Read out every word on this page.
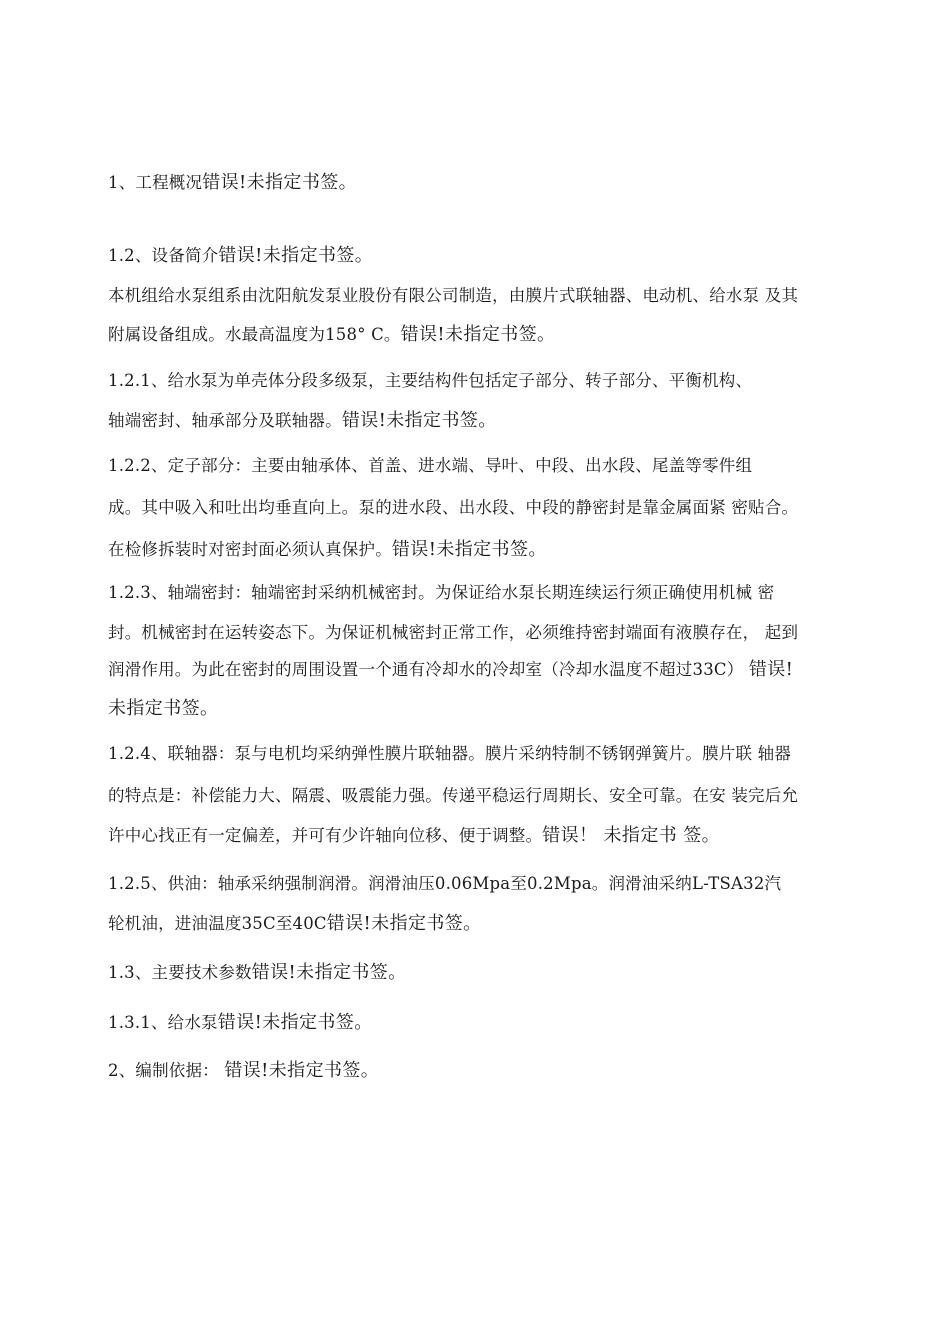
1、工程概况错误!未指定书签。
1.2、设备简介错误!未指定书签。
本机组给水泵组系由沈阳航发泵业股份有限公司制造，由膜片式联轴器、电动机、给水泵 及其
附属设备组成。水最高温度为158° C。错误!未指定书签。
1.2.1、给水泵为单壳体分段多级泵，主要结构件包括定子部分、转子部分、平衡机构、
轴端密封、轴承部分及联轴器。错误!未指定书签。
1.2.2、定子部分：主要由轴承体、首盖、进水端、导叶、中段、出水段、尾盖等零件组
成。其中吸入和吐出均垂直向上。泵的进水段、出水段、中段的静密封是靠金属面紧 密贴合。
在检修拆装时对密封面必须认真保护。错误!未指定书签。
1.2.3、轴端密封：轴端密封采纳机械密封。为保证给水泵长期连续运行须正确使用机械 密
封。机械密封在运转姿态下。为保证机械密封正常工作，必须维持密封端面有液膜存在， 起到
润滑作用。为此在密封的周围设置一个通有冷却水的冷却室（冷却水温度不超过33C） 错误!
未指定书签。
1.2.4、联轴器：泵与电机均采纳弹性膜片联轴器。膜片采纳特制不锈钢弹簧片。膜片联 轴器
的特点是：补偿能力大、隔震、吸震能力强。传递平稳运行周期长、安全可靠。在安 装完后允
许中心找正有一定偏差，并可有少许轴向位移、便于调整。错误！ 未指定书 签。
1.2.5、供油：轴承采纳强制润滑。润滑油压0.06Mpa至0.2Mpa。润滑油采纳L-TSA32汽
轮机油，进油温度35C至40C错误!未指定书签。
1.3、主要技术参数错误!未指定书签。
1.3.1、给水泵错误!未指定书签。
2、编制依据： 错误!未指定书签。
